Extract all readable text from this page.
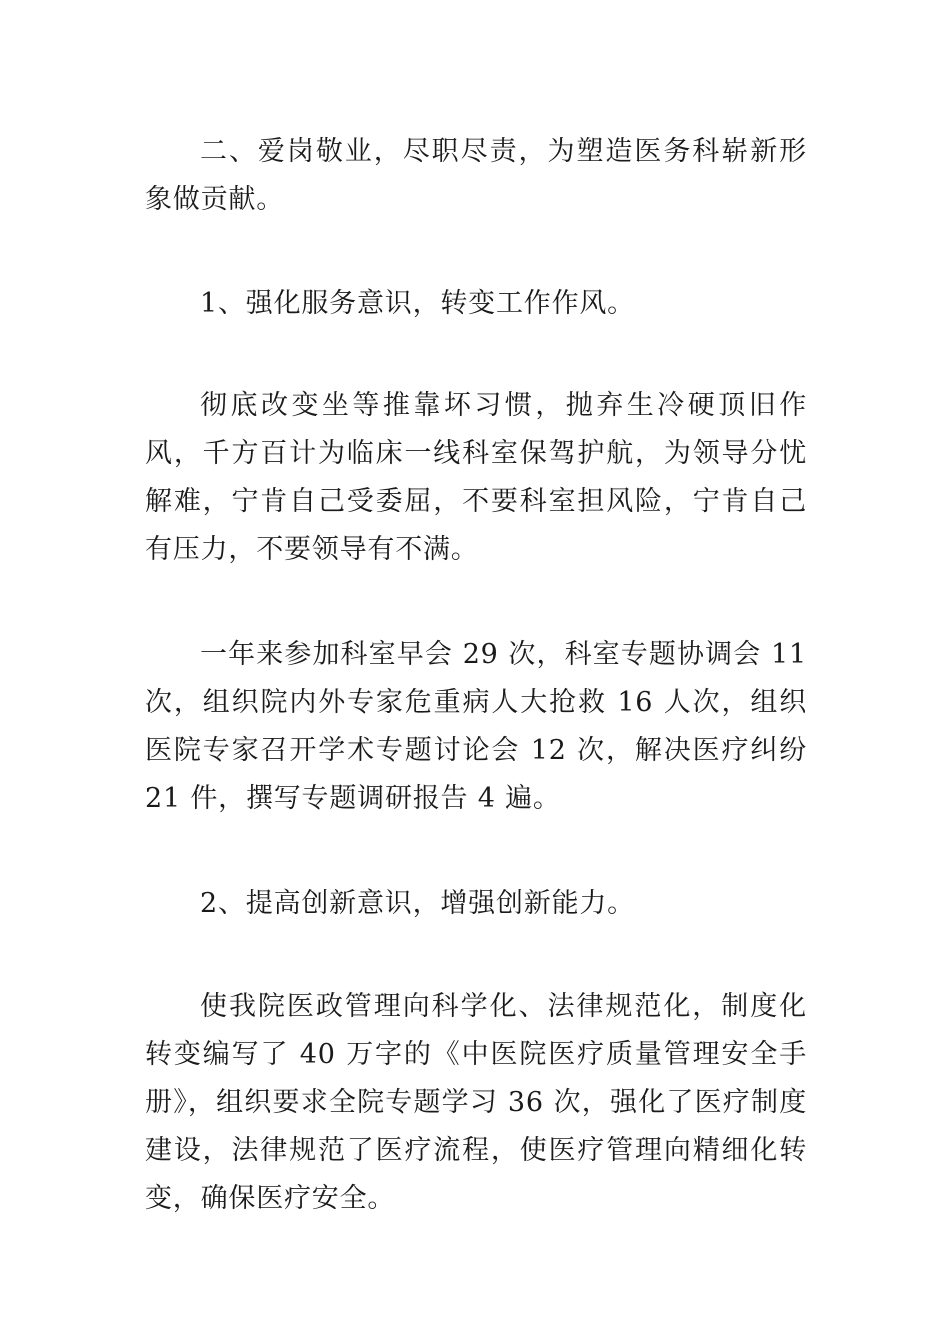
二、爱岗敬业，尽职尽责，为塑造医务科崭新形象做贡献。

1、强化服务意识，转变工作作风。

彻底改变坐等推靠坏习惯，抛弃生冷硬顶旧作风，千方百计为临床一线科室保驾护航，为领导分忧解难，宁肯自己受委屈，不要科室担风险，宁肯自己有压力，不要领导有不满。

一年来参加科室早会 29 次，科室专题协调会 11 次，组织院内外专家危重病人大抢救 16 人次，组织医院专家召开学术专题讨论会 12 次，解决医疗纠纷 21 件，撰写专题调研报告 4 遍。

2、提高创新意识，增强创新能力。

使我院医政管理向科学化、法律规范化，制度化转变编写了 40 万字的《中医院医疗质量管理安全手册》，组织要求全院专题学习 36 次，强化了医疗制度建设，法律规范了医疗流程，使医疗管理向精细化转变，确保医疗安全。
